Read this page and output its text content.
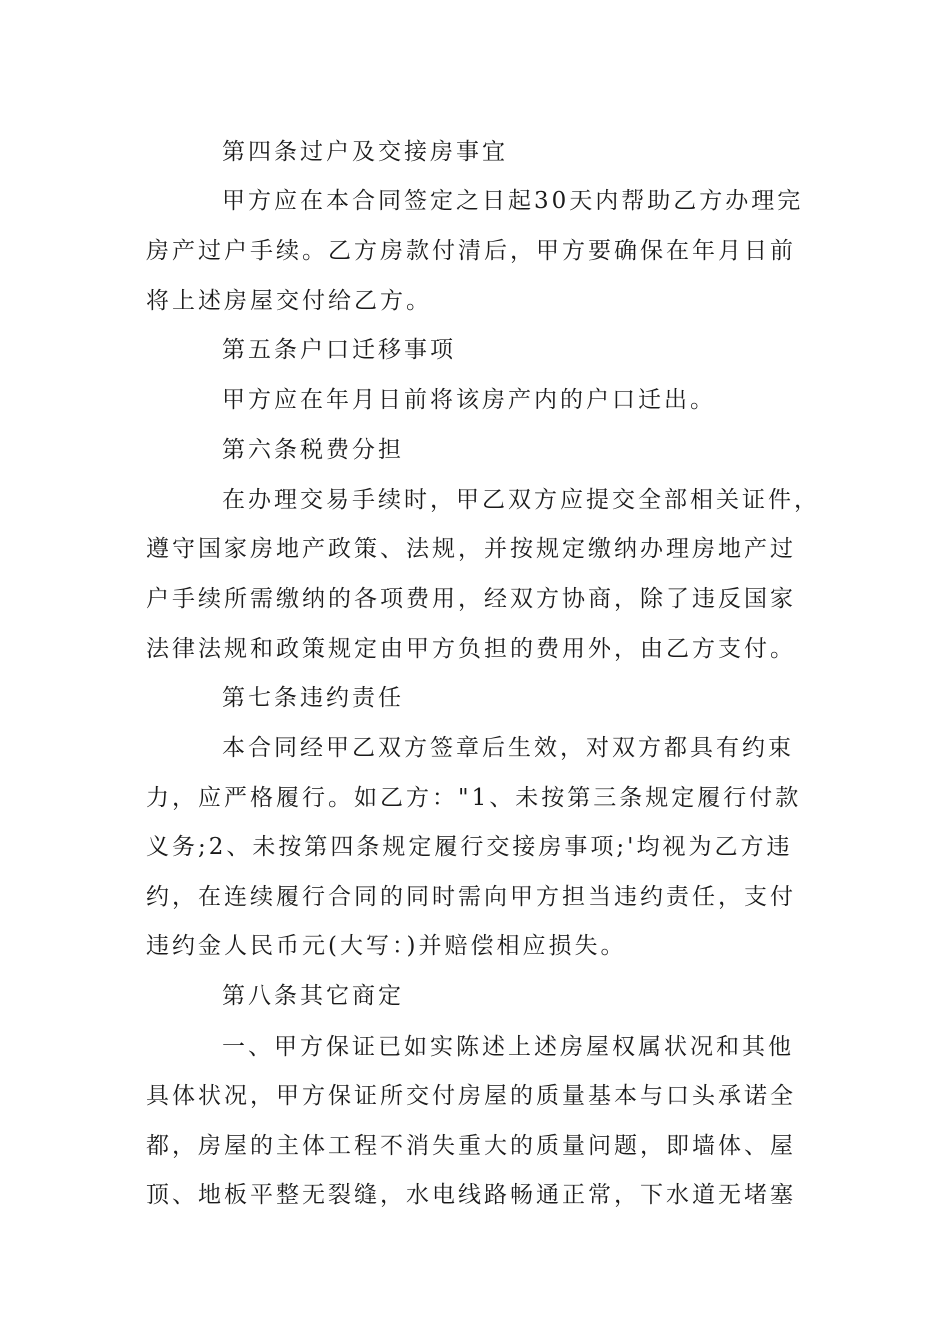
第四条过户及交接房事宜
甲方应在本合同签定之日起30天内帮助乙方办理完
房产过户手续。乙方房款付清后，甲方要确保在年月日前
将上述房屋交付给乙方。
第五条户口迁移事项
甲方应在年月日前将该房产内的户口迁出。
第六条税费分担
在办理交易手续时，甲乙双方应提交全部相关证件，
遵守国家房地产政策、法规，并按规定缴纳办理房地产过
户手续所需缴纳的各项费用，经双方协商，除了违反国家
法律法规和政策规定由甲方负担的费用外，由乙方支付。
第七条违约责任
本合同经甲乙双方签章后生效，对双方都具有约束
力，应严格履行。如乙方："1、未按第三条规定履行付款
义务;2、未按第四条规定履行交接房事项;'均视为乙方违
约，在连续履行合同的同时需向甲方担当违约责任，支付
违约金人民币元(大写：)并赔偿相应损失。
第八条其它商定
一、甲方保证已如实陈述上述房屋权属状况和其他
具体状况，甲方保证所交付房屋的质量基本与口头承诺全
都，房屋的主体工程不消失重大的质量问题，即墙体、屋
顶、地板平整无裂缝，水电线路畅通正常，下水道无堵塞
